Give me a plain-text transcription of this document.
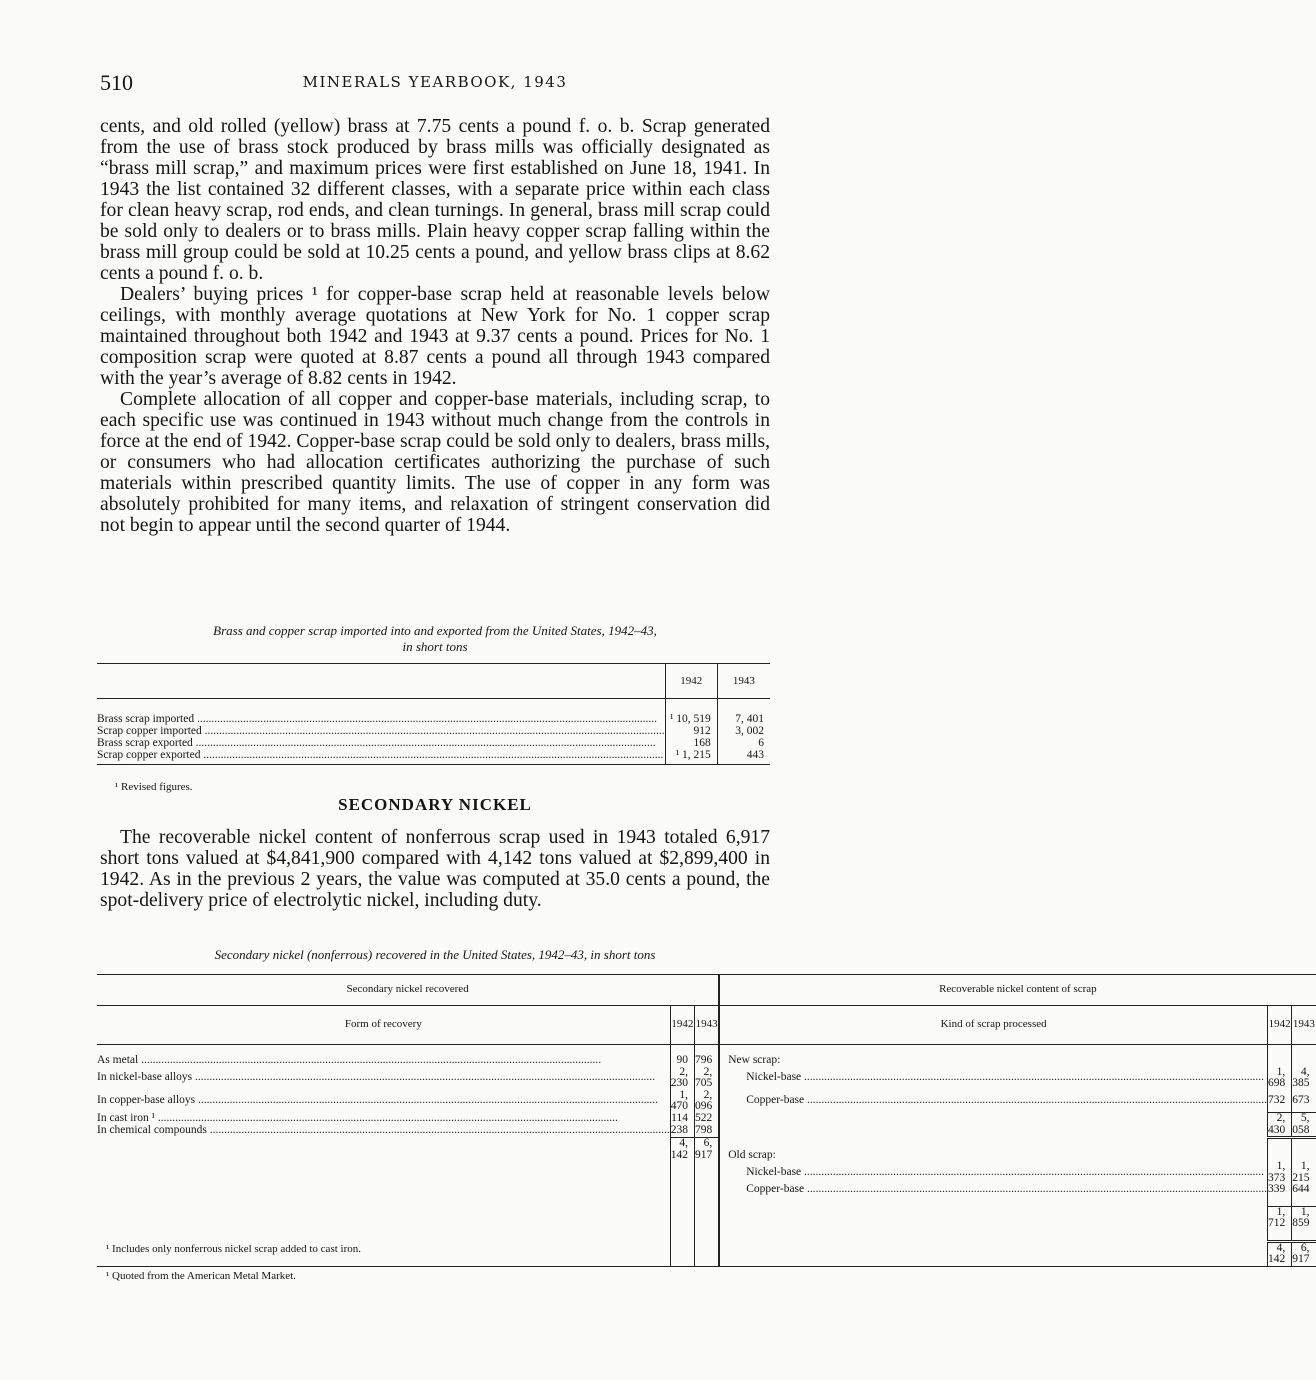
510	MINERALS YEARBOOK, 1943

cents, and old rolled (yellow) brass at 7.75 cents a pound f. o. b. Scrap generated from the use of brass stock produced by brass mills was officially designated as “brass mill scrap,” and maximum prices were first established on June 18, 1941. In 1943 the list contained 32 different classes, with a separate price within each class for clean heavy scrap, rod ends, and clean turnings. In general, brass mill scrap could be sold only to dealers or to brass mills. Plain heavy copper scrap falling within the brass mill group could be sold at 10.25 cents a pound, and yellow brass clips at 8.62 cents a pound f. o. b.

Dealers’ buying prices ¹ for copper-base scrap held at reasonable levels below ceilings, with monthly average quotations at New York for No. 1 copper scrap maintained throughout both 1942 and 1943 at 9.37 cents a pound. Prices for No. 1 composition scrap were quoted at 8.87 cents a pound all through 1943 compared with the year’s average of 8.82 cents in 1942.

Complete allocation of all copper and copper-base materials, including scrap, to each specific use was continued in 1943 without much change from the controls in force at the end of 1942. Copper-base scrap could be sold only to dealers, brass mills, or consumers who had allocation certificates authorizing the purchase of such materials within prescribed quantity limits. The use of copper in any form was absolutely prohibited for many items, and relaxation of stringent conservation did not begin to appear until the second quarter of 1944.

Brass and copper scrap imported into and exported from the United States, 1942–43,
in short tons
	1942	1943

Brass scrap imported ................................................................................................................................................................	¹ 10, 519	7, 401
Scrap copper imported ................................................................................................................................................................	912	3, 002
Brass scrap exported ................................................................................................................................................................	168	6
Scrap copper exported ................................................................................................................................................................	¹ 1, 215	443
¹ Revised figures.
SECONDARY NICKEL

The recoverable nickel content of nonferrous scrap used in 1943 totaled 6,917 short tons valued at $4,841,900 compared with 4,142 tons valued at $2,899,400 in 1942. As in the previous 2 years, the value was computed at 35.0 cents a pound, the spot-delivery price of electrolytic nickel, including duty.

Secondary nickel (nonferrous) recovered in the United States, 1942–43, in short tons
Secondary nickel recovered			Recoverable nickel content of scrap		
Form of recovery	1942	1943	Kind of scrap processed	1942	1943

As metal ................................................................................................................................................................	90	796	New scrap:		
In nickel-base alloys ................................................................................................................................................................	2, 230	2, 705	Nickel-base ................................................................................................................................................................	1, 698	4, 385
In copper-base alloys ................................................................................................................................................................	1, 470	2, 096	Copper-base ................................................................................................................................................................	732	673
In cast iron ¹ ................................................................................................................................................................	114	522		2, 430	5, 058
In chemical compounds ................................................................................................................................................................	238	798			
	4, 142	6, 917	Old scrap:		
			Nickel-base ................................................................................................................................................................	1, 373	1, 215
			Copper-base ................................................................................................................................................................	339	644

				1, 712	1, 859

				4, 142	6, 917
¹ Includes only nonferrous nickel scrap added to cast iron.
¹ Quoted from the American Metal Market.
